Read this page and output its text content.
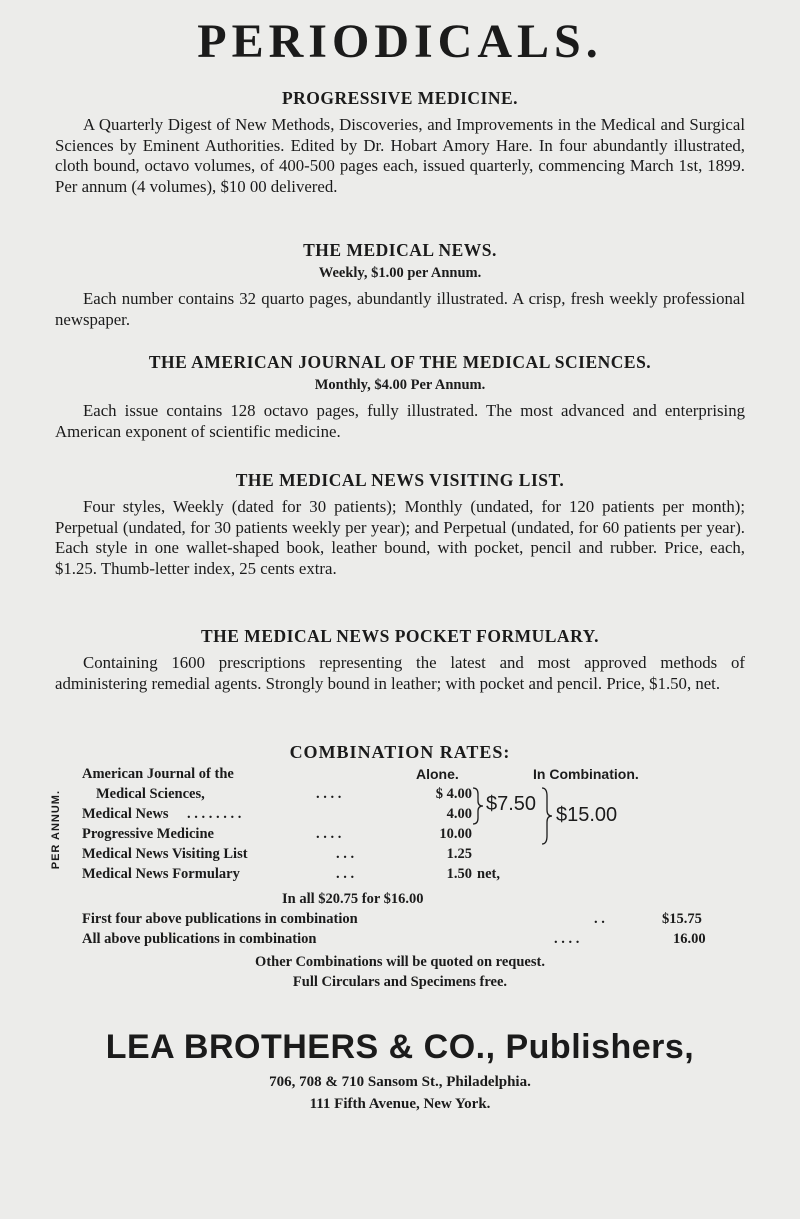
PERIODICALS.
PROGRESSIVE MEDICINE.

A Quarterly Digest of New Methods, Discoveries, and Improvements in the Medical and Surgical Sciences by Eminent Authorities. Edited by Dr. Hobart Amory Hare. In four abundantly illustrated, cloth bound, octavo volumes, of 400-500 pages each, issued quarterly, commencing March 1st, 1899. Per annum (4 volumes), $10 00 delivered.

THE MEDICAL NEWS.
Weekly, $1.00 per Annum.

Each number contains 32 quarto pages, abundantly illustrated. A crisp, fresh weekly professional newspaper.

THE AMERICAN JOURNAL OF THE MEDICAL SCIENCES.
Monthly, $4.00 Per Annum.

Each issue contains 128 octavo pages, fully illustrated. The most advanced and enterprising American exponent of scientific medicine.

THE MEDICAL NEWS VISITING LIST.

Four styles, Weekly (dated for 30 patients); Monthly (undated, for 120 patients per month); Perpetual (undated, for 30 patients weekly per year); and Perpetual (undated, for 60 patients per year). Each style in one wallet-shaped book, leather bound, with pocket, pencil and rubber. Price, each, $1.25. Thumb-letter index, 25 cents extra.

THE MEDICAL NEWS POCKET FORMULARY.

Containing 1600 prescriptions representing the latest and most approved methods of administering remedial agents. Strongly bound in leather; with pocket and pencil. Price, $1.50, net.

COMBINATION RATES:
PER ANNUM.
Alone.	In Combination.
American Journal of the
Medical Sciences,	. . . .	$ 4.00
Medical News . . . . . . . .	4.00
Progressive Medicine	. . . .	10.00
Medical News Visiting List	. . .	1.25
Medical News Formulary	. . .	1.50 net,
$7.50 $15.00
In all $20.75 for $16.00
First four above publications in combination	. .	$15.75
All above publications in combination	. . . .	16.00

Other Combinations will be quoted on request.

Full Circulars and Specimens free.

LEA BROTHERS & CO., Publishers,

706, 708 & 710 Sansom St., Philadelphia.

111 Fifth Avenue, New York.
